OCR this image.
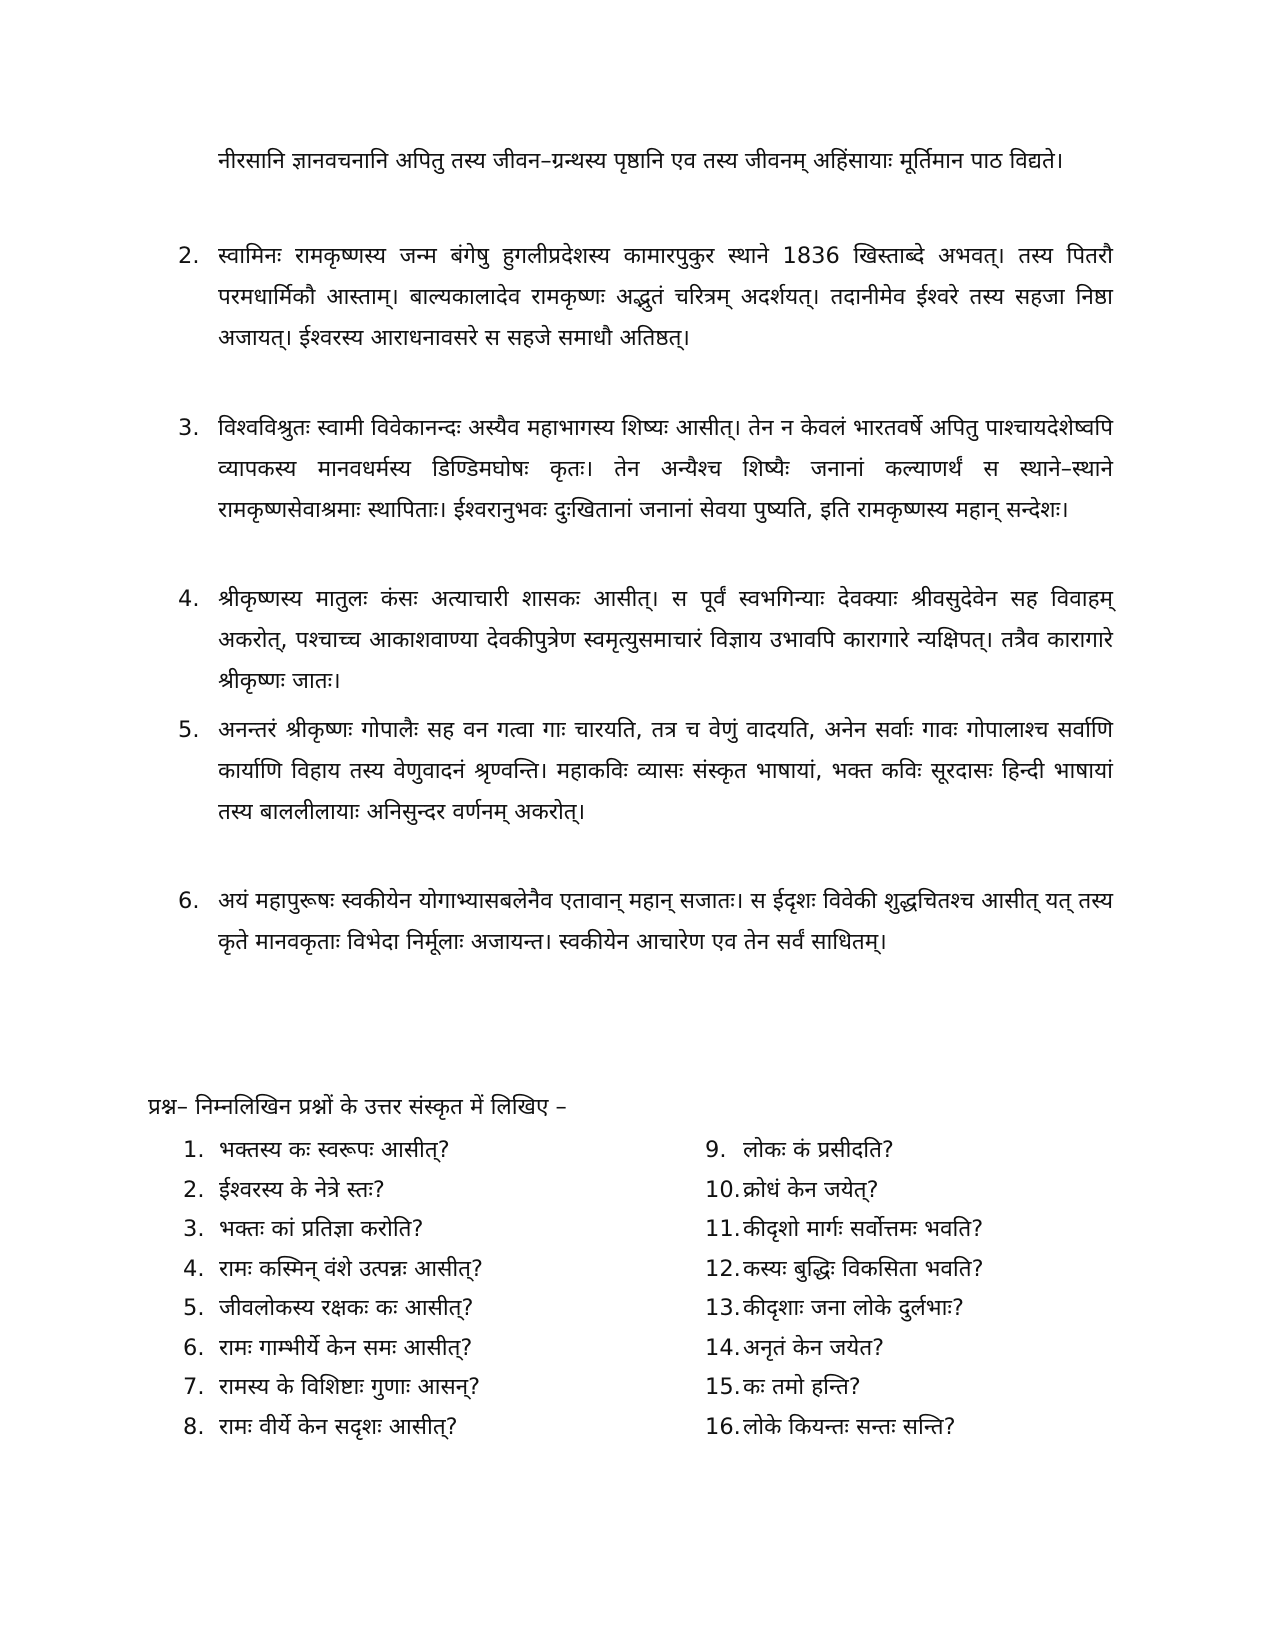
नीरसानि ज्ञानवचनानि अपितु तस्य जीवन–ग्रन्थस्य पृष्ठानि एव तस्य जीवनम् अहिंसायाः मूर्तिमान पाठ विद्यते।
2. स्वामिनः रामकृष्णस्य जन्म बंगेषु हुगलीप्रदेशस्य कामारपुकुर स्थाने 1836 खिस्ताब्दे अभवत्। तस्य पितरौ परमधार्मिकौ आस्ताम्। बाल्यकालादेव रामकृष्णः अद्भुतं चरित्रम् अदर्शयत्। तदानीमेव ईश्वरे तस्य सहजा निष्ठा अजायत्। ईश्वरस्य आराधनावसरे स सहजे समाधौ अतिष्ठत्।
3. विश्वविश्रुतः स्वामी विवेकानन्दः अस्यैव महाभागस्य शिष्यः आसीत्। तेन न केवलं भारतवर्षे अपितु पाश्चायदेशेष्वपि व्यापकस्य मानवधर्मस्य डिण्डिमघोषः कृतः। तेन अन्यैश्च शिष्यैः जनानां कल्याणर्थं स स्थाने–स्थाने रामकृष्णसेवाश्रमाः स्थापिताः। ईश्वरानुभवः दुःखितानां जनानां सेवया पुष्यति, इति रामकृष्णस्य महान् सन्देशः।
4. श्रीकृष्णस्य मातुलः कंसः अत्याचारी शासकः आसीत्। स पूर्वं स्वभगिन्याः देवक्याः श्रीवसुदेवेन सह विवाहम् अकरोत्, पश्चाच्च आकाशवाण्या देवकीपुत्रेण स्वमृत्युसमाचारं विज्ञाय उभावपि कारागारे न्यक्षिपत्। तत्रैव कारागारे श्रीकृष्णः जातः।
5. अनन्तरं श्रीकृष्णः गोपालैः सह वन गत्वा गाः चारयति, तत्र च वेणुं वादयति, अनेन सर्वाः गावः गोपालाश्च सर्वाणि कार्याणि विहाय तस्य वेणुवादनं श्रृण्वन्ति। महाकविः व्यासः संस्कृत भाषायां, भक्त कविः सूरदासः हिन्दी भाषायां तस्य बाललीलायाः अनिसुन्दर वर्णनम् अकरोत्।
6. अयं महापुरूषः स्वकीयेन योगाभ्यासबलेनैव एतावान् महान् सजातः। स ईदृशः विवेकी शुद्धचितश्च आसीत् यत् तस्य कृते मानवकृताः विभेदा निर्मूलाः अजायन्त। स्वकीयेन आचारेण एव तेन सर्वं साधितम्।
प्रश्न– निम्नलिखिन प्रश्नों के उत्तर संस्कृत में लिखिए –
1. भक्तस्य कः स्वरूपः आसीत्?
2. ईश्वरस्य के नेत्रे स्तः?
3. भक्तः कां प्रतिज्ञा करोति?
4. रामः कस्मिन् वंशे उत्पन्नः आसीत्?
5. जीवलोकस्य रक्षकः कः आसीत्?
6. रामः गाम्भीर्ये केन समः आसीत्?
7. रामस्य के विशिष्टाः गुणाः आसन्?
8. रामः वीर्ये केन सदृशः आसीत्?
9. लोकः कं प्रसीदति?
10.क्रोधं केन जयेत्?
11.कीदृशो मार्गः सर्वोत्तमः भवति?
12.कस्यः बुद्धिः विकसिता भवति?
13.कीदृशाः जना लोके दुर्लभाः?
14.अनृतं केन जयेत?
15.कः तमो हन्ति?
16.लोके कियन्तः सन्तः सन्ति?
